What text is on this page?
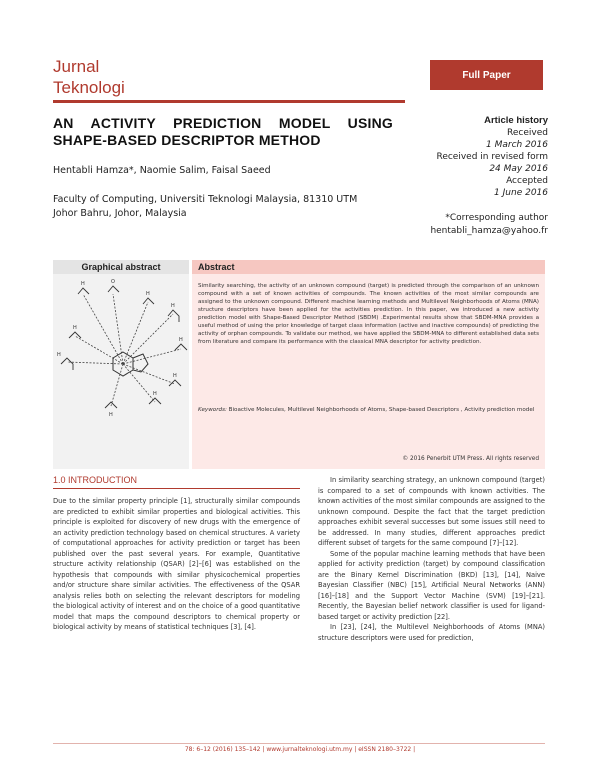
Jurnal
Teknologi
Full Paper
AN ACTIVITY PREDICTION MODEL USING SHAPE-BASED DESCRIPTOR METHOD
Hentabli Hamza*, Naomie Salim, Faisal Saeed
Faculty of Computing, Universiti Teknologi Malaysia, 81310 UTM
Johor Bahru, Johor, Malaysia
Article history
Received
1 March 2016
Received in revised form
24 May 2016
Accepted
1 June 2016
*Corresponding author
hentabli_hamza@yahoo.fr
Graphical abstract
H	O
H
H
H
H
H
H
H
H
Abstract
Similarity searching, the activity of an unknown compound (target) is predicted through the comparison of an unknown compound with a set of known activities of compounds. The known activities of the most similar compounds are assigned to the unknown compound. Different machine learning methods and Multilevel Neighborhoods of Atoms (MNA) structure descriptors have been applied for the activities prediction. In this paper, we introduced a new activity prediction model with Shape-Based Descriptor Method (SBDM) .Experimental results show that SBDM-MNA provides a useful method of using the prior knowledge of target class information (active and inactive compounds) of predicting the activity of orphan compounds. To validate our method, we have applied the SBDM-MNA to different established data sets from literature and compare its performance with the classical MNA descriptor for activity prediction.
Keywords: Bioactive Molecules, Multilevel Neighborhoods of Atoms, Shape-based Descriptors , Activity prediction model
© 2016 Penerbit UTM Press. All rights reserved
1.0 INTRODUCTION

Due to the similar property principle [1], structurally similar compounds are predicted to exhibit similar properties and biological activities. This principle is exploited for discovery of new drugs with the emergence of an activity prediction technology based on chemical structures. A variety of computational approaches for activity prediction or target has been published over the past several years. For example, Quantitative structure activity relationship (QSAR) [2]–[6] was established on the hypothesis that compounds with similar physicochemical properties and/or structure share similar activities. The effectiveness of the QSAR analysis relies both on selecting the relevant descriptors for modeling the biological activity of interest and on the choice of a good quantitative model that maps the compound descriptors to chemical property or biological activity by means of statistical techniques [3], [4].

In similarity searching strategy, an unknown compound (target) is compared to a set of compounds with known activities. The known activities of the most similar compounds are assigned to the unknown compound. Despite the fact that the target prediction approaches exhibit several successes but some issues still need to be addressed. In many studies, different approaches predict different subset of targets for the same compound [7]–[12].

Some of the popular machine learning methods that have been applied for activity prediction (target) by compound classification are the Binary Kernel Discrimination (BKD) [13], [14], Naive Bayesian Classifier (NBC) [15], Artificial Neural Networks (ANN) [16]–[18] and the Support Vector Machine (SVM) [19]–[21]. Recently, the Bayesian belief network classifier is used for ligand-based target or activity prediction [22].

In [23], [24], the Multilevel Neighborhoods of Atoms (MNA) structure descriptors were used for prediction,

78: 6–12 (2016) 135–142 | www.jurnalteknologi.utm.my | eISSN 2180–3722 |
